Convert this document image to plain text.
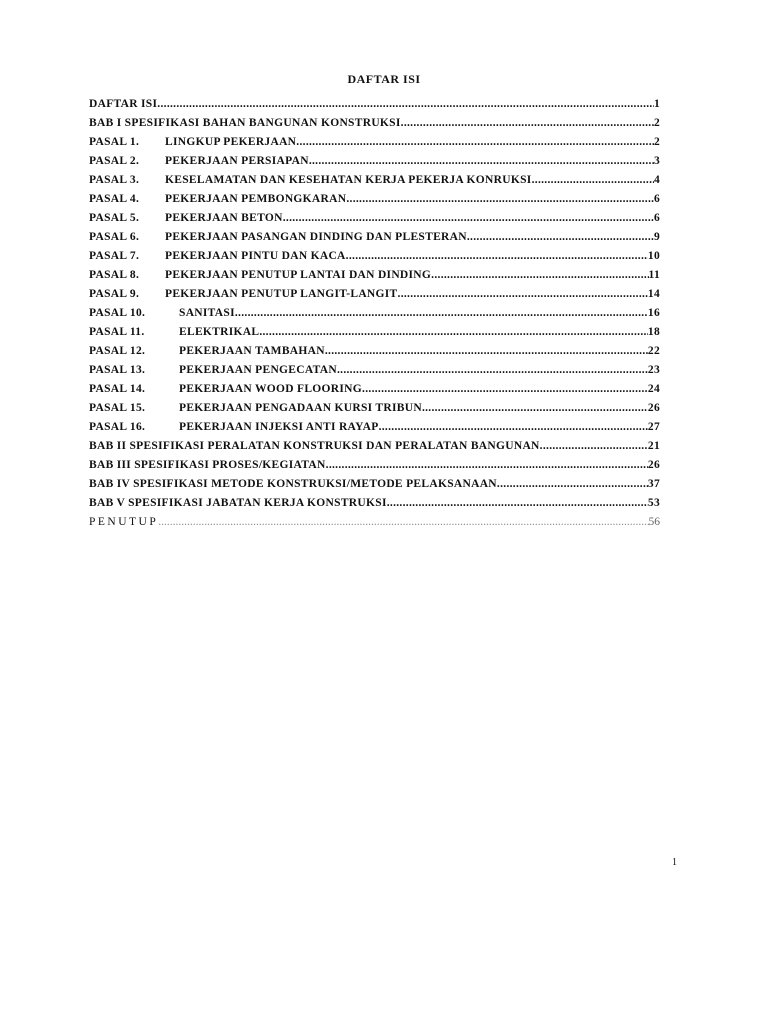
DAFTAR ISI
DAFTAR ISI .....	1
BAB I SPESIFIKASI BAHAN BANGUNAN KONSTRUKSI .....	2
PASAL 1.	LINGKUP PEKERJAAN .....	2
PASAL 2.	PEKERJAAN PERSIAPAN .....	3
PASAL 3.	KESELAMATAN DAN KESEHATAN KERJA PEKERJA KONRUKSI .....	4
PASAL 4.	PEKERJAAN PEMBONGKARAN .....	6
PASAL 5.	PEKERJAAN BETON .....	6
PASAL 6.	PEKERJAAN PASANGAN DINDING DAN PLESTERAN .....	9
PASAL 7.	PEKERJAAN PINTU DAN KACA .....	10
PASAL 8.	PEKERJAAN PENUTUP LANTAI DAN DINDING .....	11
PASAL 9.	PEKERJAAN PENUTUP LANGIT-LANGIT .....	14
PASAL 10.	SANITASI .....	16
PASAL 11.	ELEKTRIKAL .....	18
PASAL 12.	PEKERJAAN TAMBAHAN .....	22
PASAL 13.	PEKERJAAN PENGECATAN .....	23
PASAL 14.	PEKERJAAN WOOD FLOORING .....	24
PASAL 15.	PEKERJAAN PENGADAAN KURSI TRIBUN .....	26
PASAL 16.	PEKERJAAN INJEKSI ANTI RAYAP .....	27
BAB II SPESIFIKASI PERALATAN KONSTRUKSI DAN PERALATAN BANGUNAN .....	21
BAB III SPESIFIKASI PROSES/KEGIATAN .....	26
BAB IV SPESIFIKASI METODE KONSTRUKSI/METODE PELAKSANAAN .....	37
BAB V SPESIFIKASI JABATAN KERJA KONSTRUKSI .....	53
PENUTUP .....	56
1
